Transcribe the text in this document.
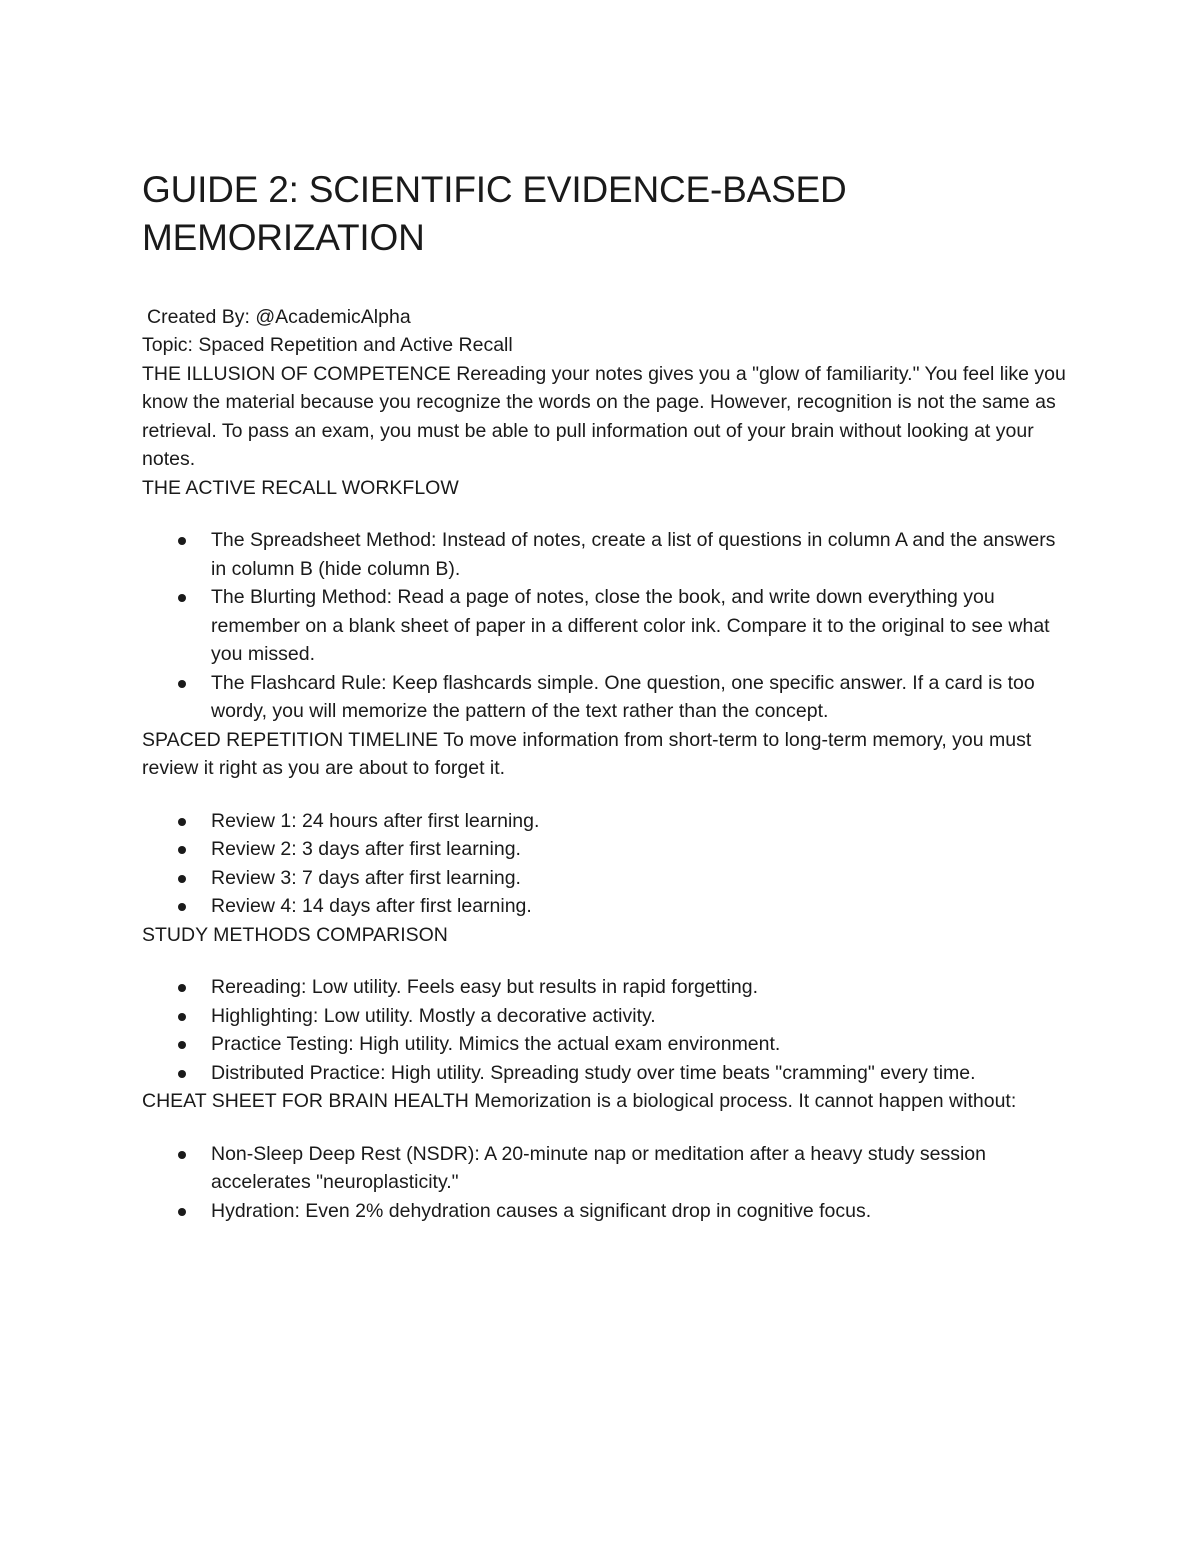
GUIDE 2: SCIENTIFIC EVIDENCE-BASED MEMORIZATION
Created By: @AcademicAlpha

Topic: Spaced Repetition and Active Recall

THE ILLUSION OF COMPETENCE Rereading your notes gives you a "glow of familiarity." You feel like you know the material because you recognize the words on the page. However, recognition is not the same as retrieval. To pass an exam, you must be able to pull information out of your brain without looking at your notes.

THE ACTIVE RECALL WORKFLOW

The Spreadsheet Method: Instead of notes, create a list of questions in column A and the answers in column B (hide column B).
The Blurting Method: Read a page of notes, close the book, and write down everything you remember on a blank sheet of paper in a different color ink. Compare it to the original to see what you missed.
The Flashcard Rule: Keep flashcards simple. One question, one specific answer. If a card is too wordy, you will memorize the pattern of the text rather than the concept.

SPACED REPETITION TIMELINE To move information from short-term to long-term memory, you must review it right as you are about to forget it.

Review 1: 24 hours after first learning.
Review 2: 3 days after first learning.
Review 3: 7 days after first learning.
Review 4: 14 days after first learning.

STUDY METHODS COMPARISON

Rereading: Low utility. Feels easy but results in rapid forgetting.
Highlighting: Low utility. Mostly a decorative activity.
Practice Testing: High utility. Mimics the actual exam environment.
Distributed Practice: High utility. Spreading study over time beats "cramming" every time.

CHEAT SHEET FOR BRAIN HEALTH Memorization is a biological process. It cannot happen without:

Non-Sleep Deep Rest (NSDR): A 20-minute nap or meditation after a heavy study session accelerates "neuroplasticity."
Hydration: Even 2% dehydration causes a significant drop in cognitive focus.
